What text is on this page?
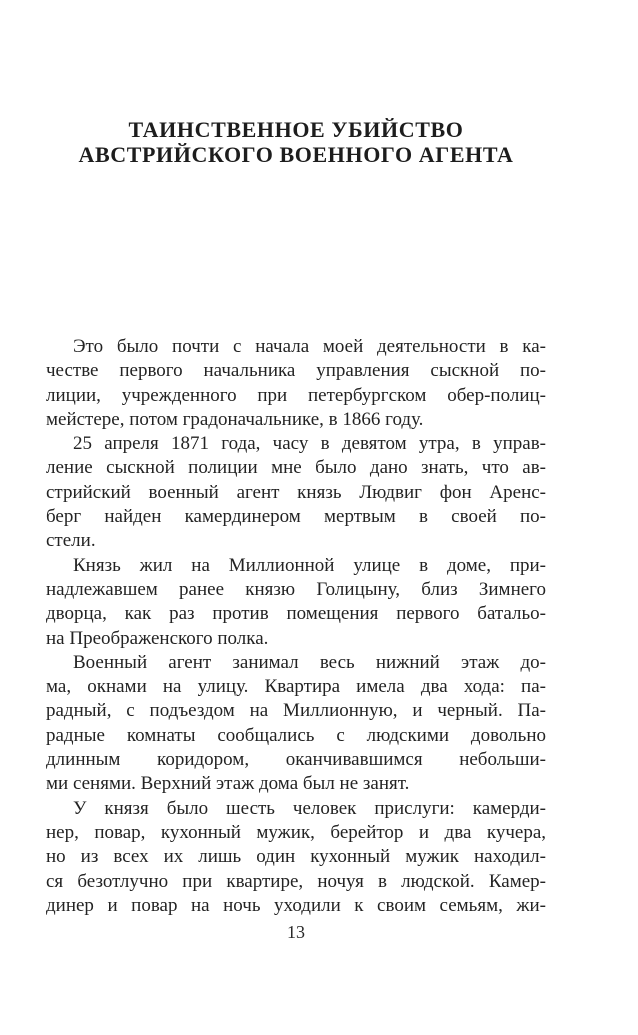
ТАИНСТВЕННОЕ УБИЙСТВО
АВСТРИЙСКОГО ВОЕННОГО АГЕНТА
Это было почти с начала моей деятельности в ка-
честве первого начальника управления сыскной по-
лиции, учрежденного при петербургском обер-полиц-
мейстере, потом градоначальнике, в 1866 году.
25 апреля 1871 года, часу в девятом утра, в управ-
ление сыскной полиции мне было дано знать, что ав-
стрийский военный агент князь Людвиг фон Аренс-
берг найден камердинером мертвым в своей по-
стели.
Князь жил на Миллионной улице в доме, при-
надлежавшем ранее князю Голицыну, близ Зимнего
дворца, как раз против помещения первого батальо-
на Преображенского полка.
Военный агент занимал весь нижний этаж до-
ма, окнами на улицу. Квартира имела два хода: па-
радный, с подъездом на Миллионную, и черный. Па-
радные комнаты сообщались с людскими довольно
длинным коридором, оканчивавшимся небольши-
ми сенями. Верхний этаж дома был не занят.
У князя было шесть человек прислуги: камерди-
нер, повар, кухонный мужик, берейтор и два кучера,
но из всех их лишь один кухонный мужик находил-
ся безотлучно при квартире, ночуя в людской. Камер-
динер и повар на ночь уходили к своим семьям, жи-
13
